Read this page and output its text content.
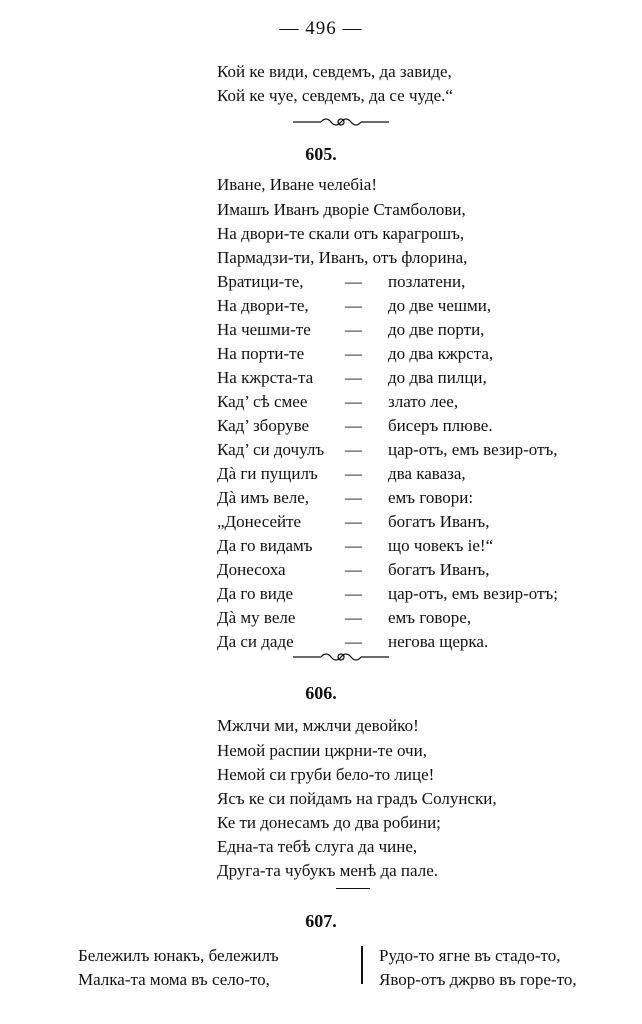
— 496 —
Кой ке види, севдемъ, да завиде,
Кой ке чуе, севдемъ, да се чуде.“
605.
Иване, Иване челебіа!
Имашъ Иванъ дворіе Стамболови,
На двори-те скали отъ карагрошъ,
Пармадзи-ти, Иванъ, отъ флорина,
Вратици-те, — позлатени,
На двори-те, — до две чешми,
На чешми-те — до две порти,
На порти-те — до два кжрста,
На кжрста-та — до два пилци,
Кад’ сѣ смее — злато лее,
Кад’ зборуве — бисеръ плюве.
Кад’ си дочулъ — цар-отъ, емъ везир-отъ,
Дà ги пущилъ — два каваза,
Дà имъ веле, — емъ говори:
„Донесейте	— богатъ Иванъ,
Да го видамъ — що човекъ іе!“
Донесоха	— богатъ Иванъ,
Да го виде	— цар-отъ, емъ везир-отъ;
Дà му веле	— емъ говоре,
Да си даде	— негова щерка.
606.
Мжлчи ми, мжлчи девойко!
Немой распии цжрни-те очи,
Немой си груби бело-то лице!
Ясъ ке си пойдамъ на градъ Солунски,
Ке ти донесамъ до два робини;
Една-та тебѣ слуга да чине,
Друга-та чубукъ менѣ да пале.
607.
Бележилъ юнакъ, бележилъ
Малка-та мома въ село-то,
Рудо-то ягне въ стадо-то,
Явор-отъ джрво въ горе-то,
